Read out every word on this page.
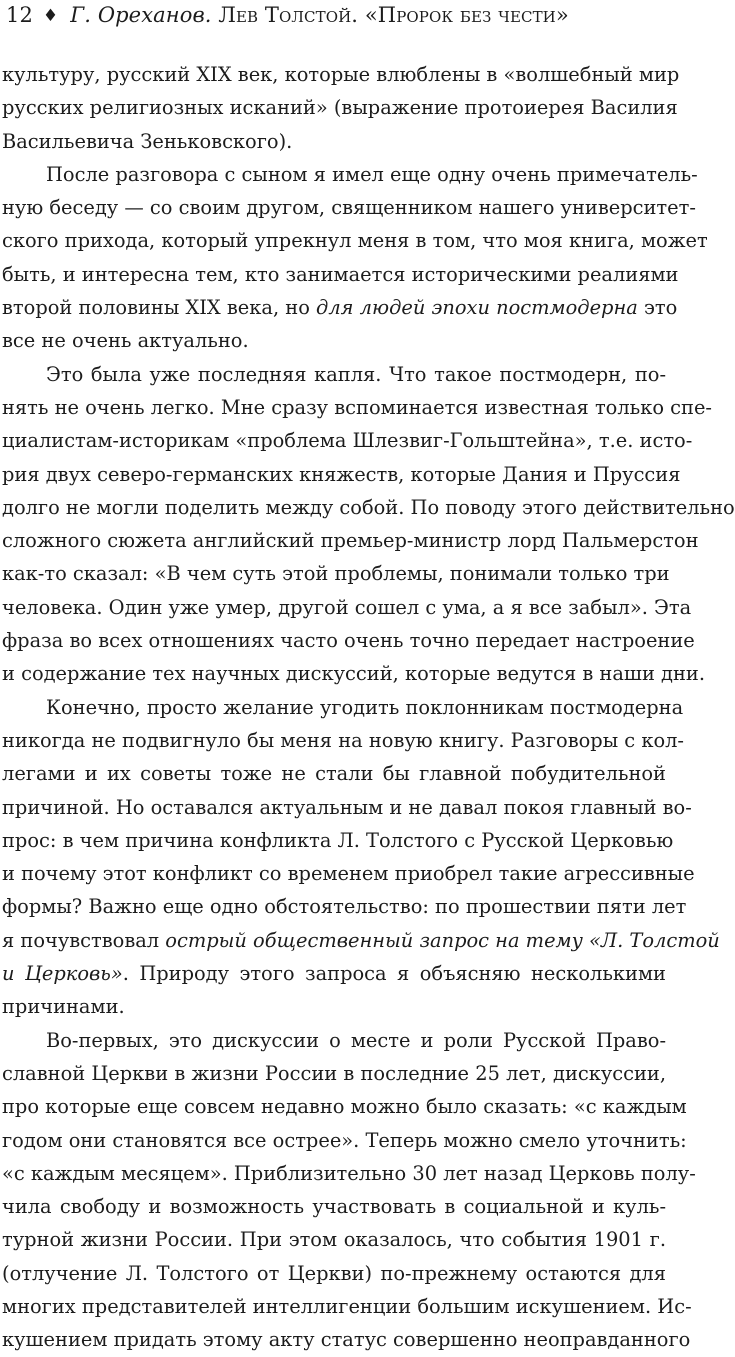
12 ♦ Г. Ореханов. Лев Толстой. «Пророк без чести»
культуру, русский XIX век, которые влюблены в «волшебный мир
русских религиозных исканий» (выражение протоиерея Василия
Васильевича Зеньковского).
После разговора с сыном я имел еще одну очень примечатель-
ную беседу — со своим другом, священником нашего университет-
ского прихода, который упрекнул меня в том, что моя книга, может
быть, и интересна тем, кто занимается историческими реалиями
второй половины XIX века, но для людей эпохи постмодерна это
все не очень актуально.
Это была уже последняя капля. Что такое постмодерн, по-
нять не очень легко. Мне сразу вспоминается известная только спе-
циалистам-историкам «проблема Шлезвиг-Гольштейна», т.е. исто-
рия двух северо-германских княжеств, которые Дания и Пруссия
долго не могли поделить между собой. По поводу этого действительно
сложного сюжета английский премьер-министр лорд Пальмерстон
как-то сказал: «В чем суть этой проблемы, понимали только три
человека. Один уже умер, другой сошел с ума, а я все забыл». Эта
фраза во всех отношениях часто очень точно передает настроение
и содержание тех научных дискуссий, которые ведутся в наши дни.
Конечно, просто желание угодить поклонникам постмодерна
никогда не подвигнуло бы меня на новую книгу. Разговоры с кол-
легами и их советы тоже не стали бы главной побудительной
причиной. Но оставался актуальным и не давал покоя главный во-
прос: в чем причина конфликта Л. Толстого с Русской Церковью
и почему этот конфликт со временем приобрел такие агрессивные
формы? Важно еще одно обстоятельство: по прошествии пяти лет
я почувствовал острый общественный запрос на тему «Л. Толстой
и Церковь». Природу этого запроса я объясняю несколькими
причинами.
Во-первых, это дискуссии о месте и роли Русской Право-
славной Церкви в жизни России в последние 25 лет, дискуссии,
про которые еще совсем недавно можно было сказать: «с каждым
годом они становятся все острее». Теперь можно смело уточнить:
«с каждым месяцем». Приблизительно 30 лет назад Церковь полу-
чила свободу и возможность участвовать в социальной и куль-
турной жизни России. При этом оказалось, что события 1901 г.
(отлучение Л. Толстого от Церкви) по-прежнему остаются для
многих представителей интеллигенции большим искушением. Ис-
кушением придать этому акту статус совершенно неоправданного
